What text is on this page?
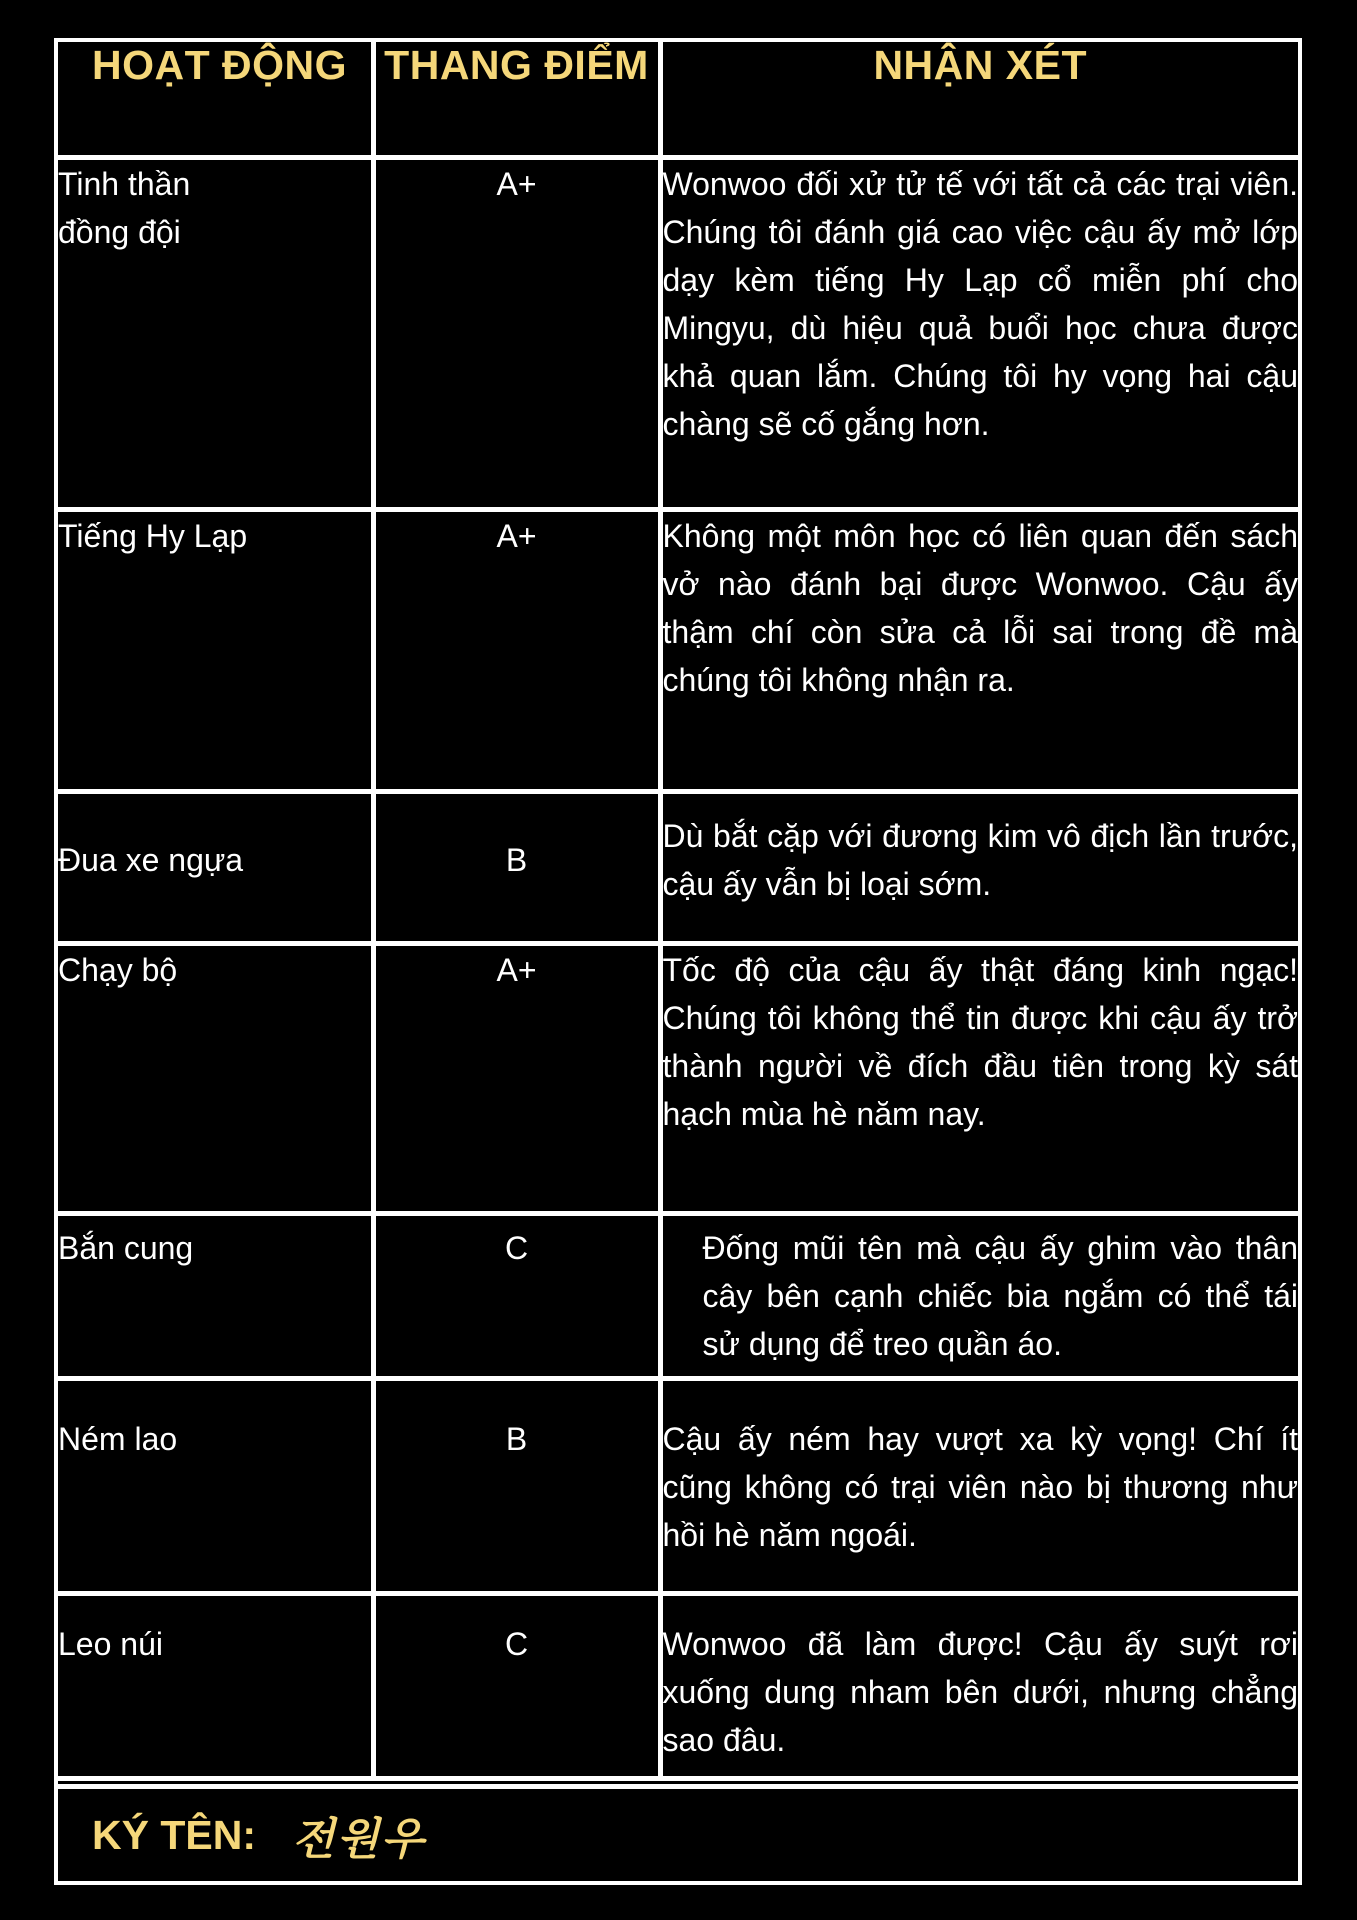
HOẠT ĐỘNG	THANG ĐIỂM	NHẬN XÉT
Tinh thần đồng đội	A+	Wonwoo đối xử tử tế với tất cả các trại viên. Chúng tôi đánh giá cao việc cậu ấy mở lớp dạy kèm tiếng Hy Lạp cổ miễn phí cho Mingyu, dù hiệu quả buổi học chưa được khả quan lắm. Chúng tôi hy vọng hai cậu chàng sẽ cố gắng hơn.
Tiếng Hy Lạp	A+	Không một môn học có liên quan đến sách vở nào đánh bại được Wonwoo. Cậu ấy thậm chí còn sửa cả lỗi sai trong đề mà chúng tôi không nhận ra.
Đua xe ngựa	B	Dù bắt cặp với đương kim vô địch lần trước, cậu ấy vẫn bị loại sớm.
Chạy bộ	A+	Tốc độ của cậu ấy thật đáng kinh ngạc! Chúng tôi không thể tin được khi cậu ấy trở thành người về đích đầu tiên trong kỳ sát hạch mùa hè năm nay.
Bắn cung	C	Đống mũi tên mà cậu ấy ghim vào thân cây bên cạnh chiếc bia ngắm có thể tái sử dụng để treo quần áo.
Ném lao	B	Cậu ấy ném hay vượt xa kỳ vọng! Chí ít cũng không có trại viên nào bị thương như hồi hè năm ngoái.
Leo núi	C	Wonwoo đã làm được! Cậu ấy suýt rơi xuống dung nham bên dưới, nhưng chẳng sao đâu.
KÝ TÊN: 전원우
